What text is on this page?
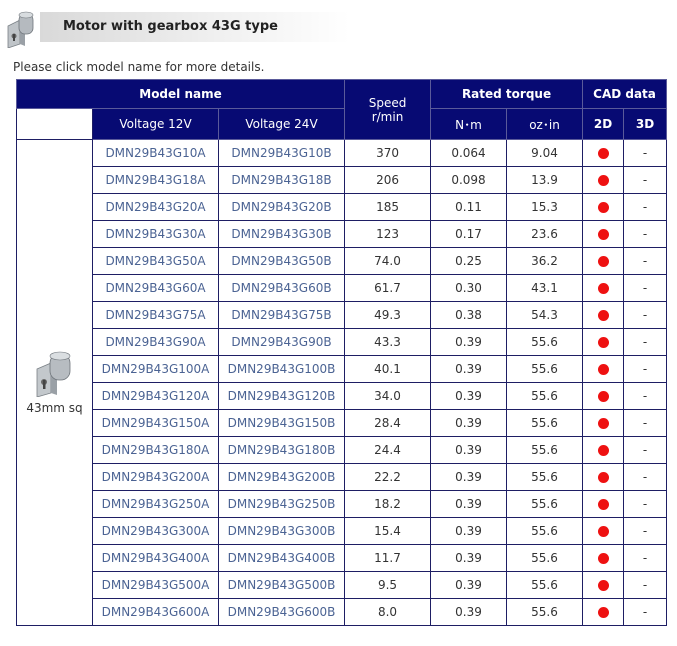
Motor with gearbox 43G type
Please click model name for more details.
Model name			Speed
r/min	Rated torque		CAD data	
	Voltage 12V	Voltage 24V		N･m	oz･in	2D	3D

43mm sq	DMN29B43G10A	DMN29B43G10B	370	0.064	9.04		-
	DMN29B43G18A	DMN29B43G18B	206	0.098	13.9		-
	DMN29B43G20A	DMN29B43G20B	185	0.11	15.3		-
	DMN29B43G30A	DMN29B43G30B	123	0.17	23.6		-
	DMN29B43G50A	DMN29B43G50B	74.0	0.25	36.2		-
	DMN29B43G60A	DMN29B43G60B	61.7	0.30	43.1		-
	DMN29B43G75A	DMN29B43G75B	49.3	0.38	54.3		-
	DMN29B43G90A	DMN29B43G90B	43.3	0.39	55.6		-
	DMN29B43G100A	DMN29B43G100B	40.1	0.39	55.6		-
	DMN29B43G120A	DMN29B43G120B	34.0	0.39	55.6		-
	DMN29B43G150A	DMN29B43G150B	28.4	0.39	55.6		-
	DMN29B43G180A	DMN29B43G180B	24.4	0.39	55.6		-
	DMN29B43G200A	DMN29B43G200B	22.2	0.39	55.6		-
	DMN29B43G250A	DMN29B43G250B	18.2	0.39	55.6		-
	DMN29B43G300A	DMN29B43G300B	15.4	0.39	55.6		-
	DMN29B43G400A	DMN29B43G400B	11.7	0.39	55.6		-
	DMN29B43G500A	DMN29B43G500B	9.5	0.39	55.6		-
	DMN29B43G600A	DMN29B43G600B	8.0	0.39	55.6		-
